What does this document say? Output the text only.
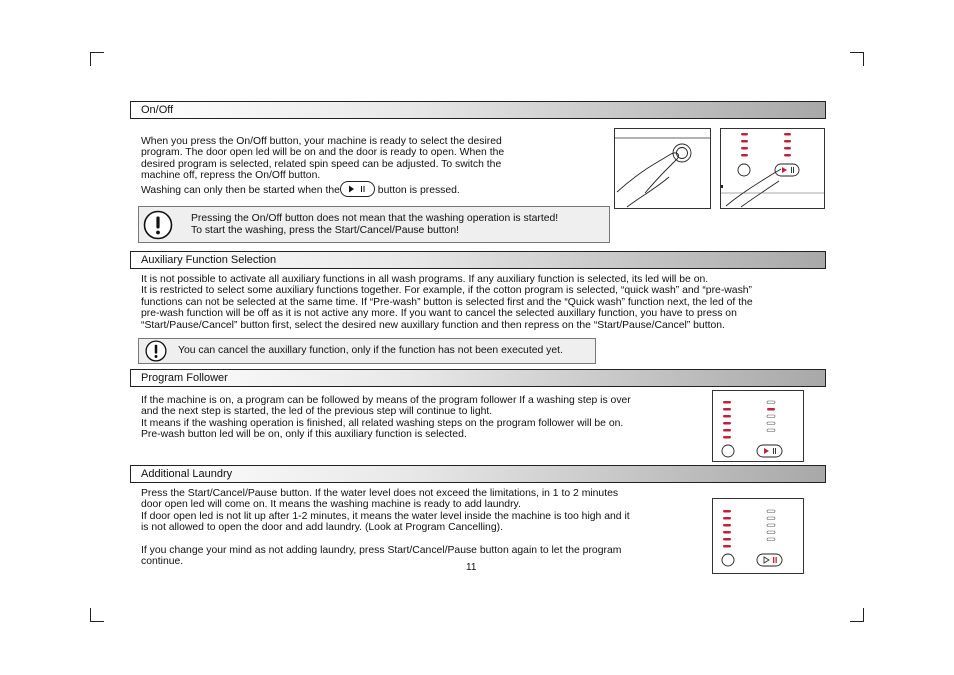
On/Off

When you press the On/Off button, your machine is ready to select the desired

program. The door open led will be on and the door is ready to open. When the

desired program is selected, related spin speed can be adjusted. To switch the

machine off, repress the On/Off button.

Washing can only then be started when the	button is pressed.

Pressing the On/Off button does not mean that the washing operation is started!
To start the washing, press the Start/Cancel/Pause button!
Auxiliary Function Selection

It is not possible to activate all auxiliary functions in all wash programs. If any auxiliary function is selected, its led will be on.

It is restricted to select some auxiliary functions together. For example, if the cotton program is selected, “quick wash” and “pre-wash”

functions can not be selected at the same time. If “Pre-wash” button is selected first and the “Quick wash” function next, the led of the

pre-wash function will be off as it is not active any more. If you want to cancel the selected auxillary function, you have to press on

“Start/Pause/Cancel” button first, select the desired new auxillary function and then repress on the “Start/Pause/Cancel” button.

You can cancel the auxillary function, only if the function has not been executed yet.
Program Follower

If the machine is on, a program can be followed by means of the program follower If a washing step is over

and the next step is started, the led of the previous step will continue to light.

It means if the washing operation is finished, all related washing steps on the program follower will be on.

Pre-wash button led will be on, only if this auxiliary function is selected.

Additional Laundry

Press the Start/Cancel/Pause button. If the water level does not exceed the limitations, in 1 to 2 minutes

door open led will come on. It means the washing machine is ready to add laundry.

If door open led is not lit up after 1-2 minutes, it means the water level inside the machine is too high and it

is not allowed to open the door and add laundry. (Look at Program Cancelling).

If you change your mind as not adding laundry, press Start/Cancel/Pause button again to let the program

continue.

11
